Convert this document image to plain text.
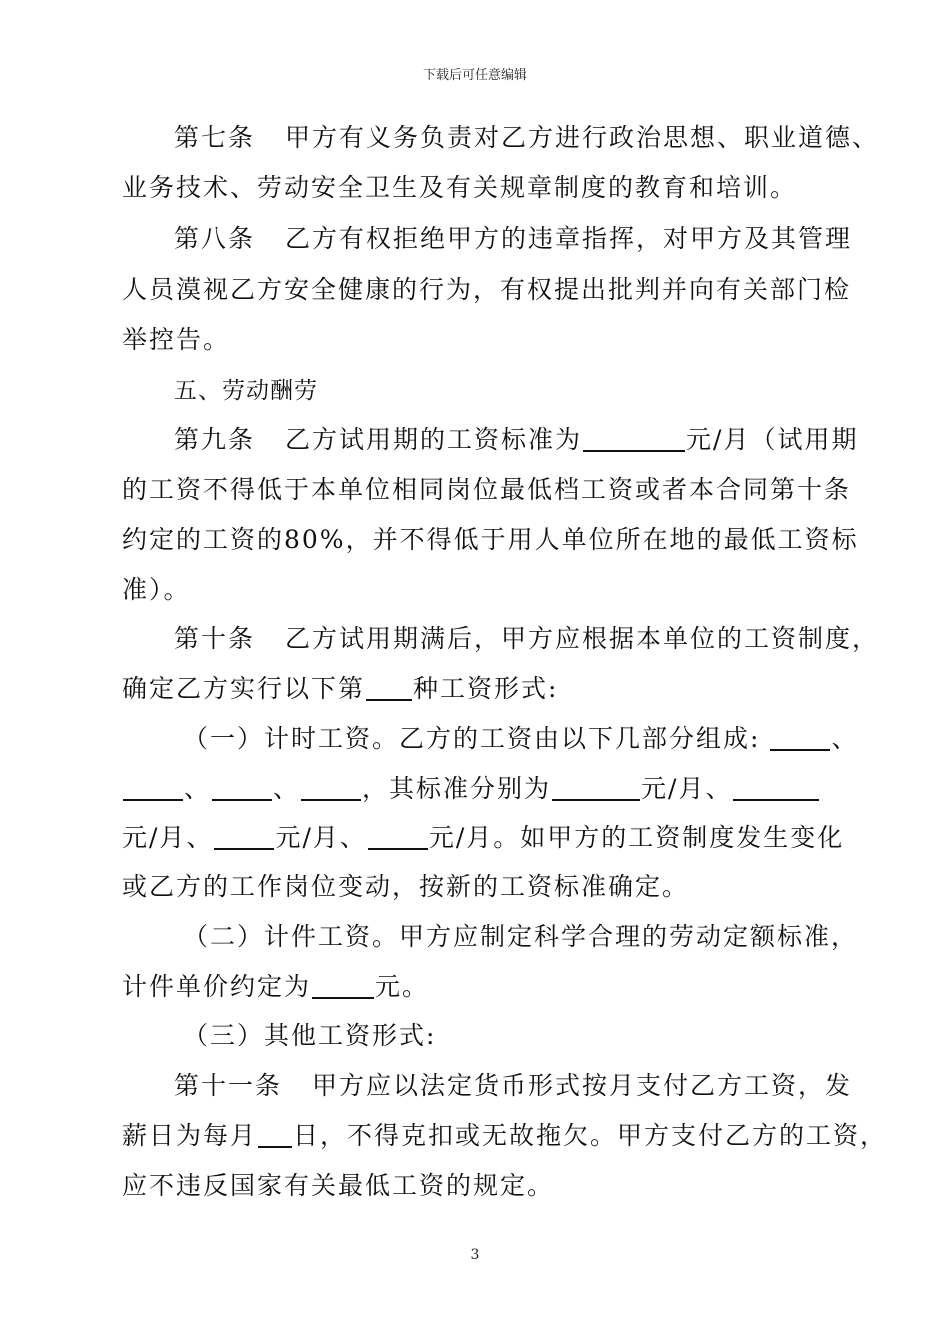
下载后可任意编辑
第七条 甲方有义务负责对乙方进行政治思想、职业道德、
业务技术、劳动安全卫生及有关规章制度的教育和培训。
第八条 乙方有权拒绝甲方的违章指挥，对甲方及其管理
人员漠视乙方安全健康的行为，有权提出批判并向有关部门检
举控告。
五、劳动酬劳
第九条 乙方试用期的工资标准为	元/月（试用期
的工资不得低于本单位相同岗位最低档工资或者本合同第十条
约定的工资的80%，并不得低于用人单位所在地的最低工资标
准）。
第十条 乙方试用期满后，甲方应根据本单位的工资制度，
确定乙方实行以下第 种工资形式:
（一）计时工资。乙方的工资由以下几部分组成:	、
、 、 ，其标准分别为	元/月、
元/月、 元/月、 元/月。如甲方的工资制度发生变化
或乙方的工作岗位变动，按新的工资标准确定。
（二）计件工资。甲方应制定科学合理的劳动定额标准，
计件单价约定为	元。
（三）其他工资形式:
第十一条 甲方应以法定货币形式按月支付乙方工资，发
薪日为每月 日，不得克扣或无故拖欠。甲方支付乙方的工资，
应不违反国家有关最低工资的规定。
3
